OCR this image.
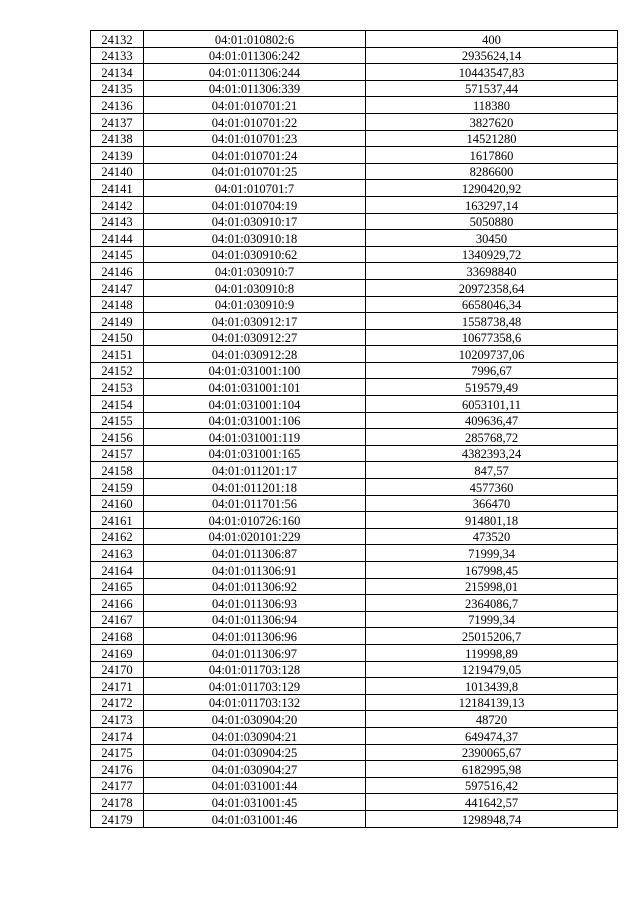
24132	04:01:010802:6	400
24133	04:01:011306:242	2935624,14
24134	04:01:011306:244	10443547,83
24135	04:01:011306:339	571537,44
24136	04:01:010701:21	118380
24137	04:01:010701:22	3827620
24138	04:01:010701:23	14521280
24139	04:01:010701:24	1617860
24140	04:01:010701:25	8286600
24141	04:01:010701:7	1290420,92
24142	04:01:010704:19	163297,14
24143	04:01:030910:17	5050880
24144	04:01:030910:18	30450
24145	04:01:030910:62	1340929,72
24146	04:01:030910:7	33698840
24147	04:01:030910:8	20972358,64
24148	04:01:030910:9	6658046,34
24149	04:01:030912:17	1558738,48
24150	04:01:030912:27	10677358,6
24151	04:01:030912:28	10209737,06
24152	04:01:031001:100	7996,67
24153	04:01:031001:101	519579,49
24154	04:01:031001:104	6053101,11
24155	04:01:031001:106	409636,47
24156	04:01:031001:119	285768,72
24157	04:01:031001:165	4382393,24
24158	04:01:011201:17	847,57
24159	04:01:011201:18	4577360
24160	04:01:011701:56	366470
24161	04:01:010726:160	914801,18
24162	04:01:020101:229	473520
24163	04:01:011306:87	71999,34
24164	04:01:011306:91	167998,45
24165	04:01:011306:92	215998,01
24166	04:01:011306:93	2364086,7
24167	04:01:011306:94	71999,34
24168	04:01:011306:96	25015206,7
24169	04:01:011306:97	119998,89
24170	04:01:011703:128	1219479,05
24171	04:01:011703:129	1013439,8
24172	04:01:011703:132	12184139,13
24173	04:01:030904:20	48720
24174	04:01:030904:21	649474,37
24175	04:01:030904:25	2390065,67
24176	04:01:030904:27	6182995,98
24177	04:01:031001:44	597516,42
24178	04:01:031001:45	441642,57
24179	04:01:031001:46	1298948,74
